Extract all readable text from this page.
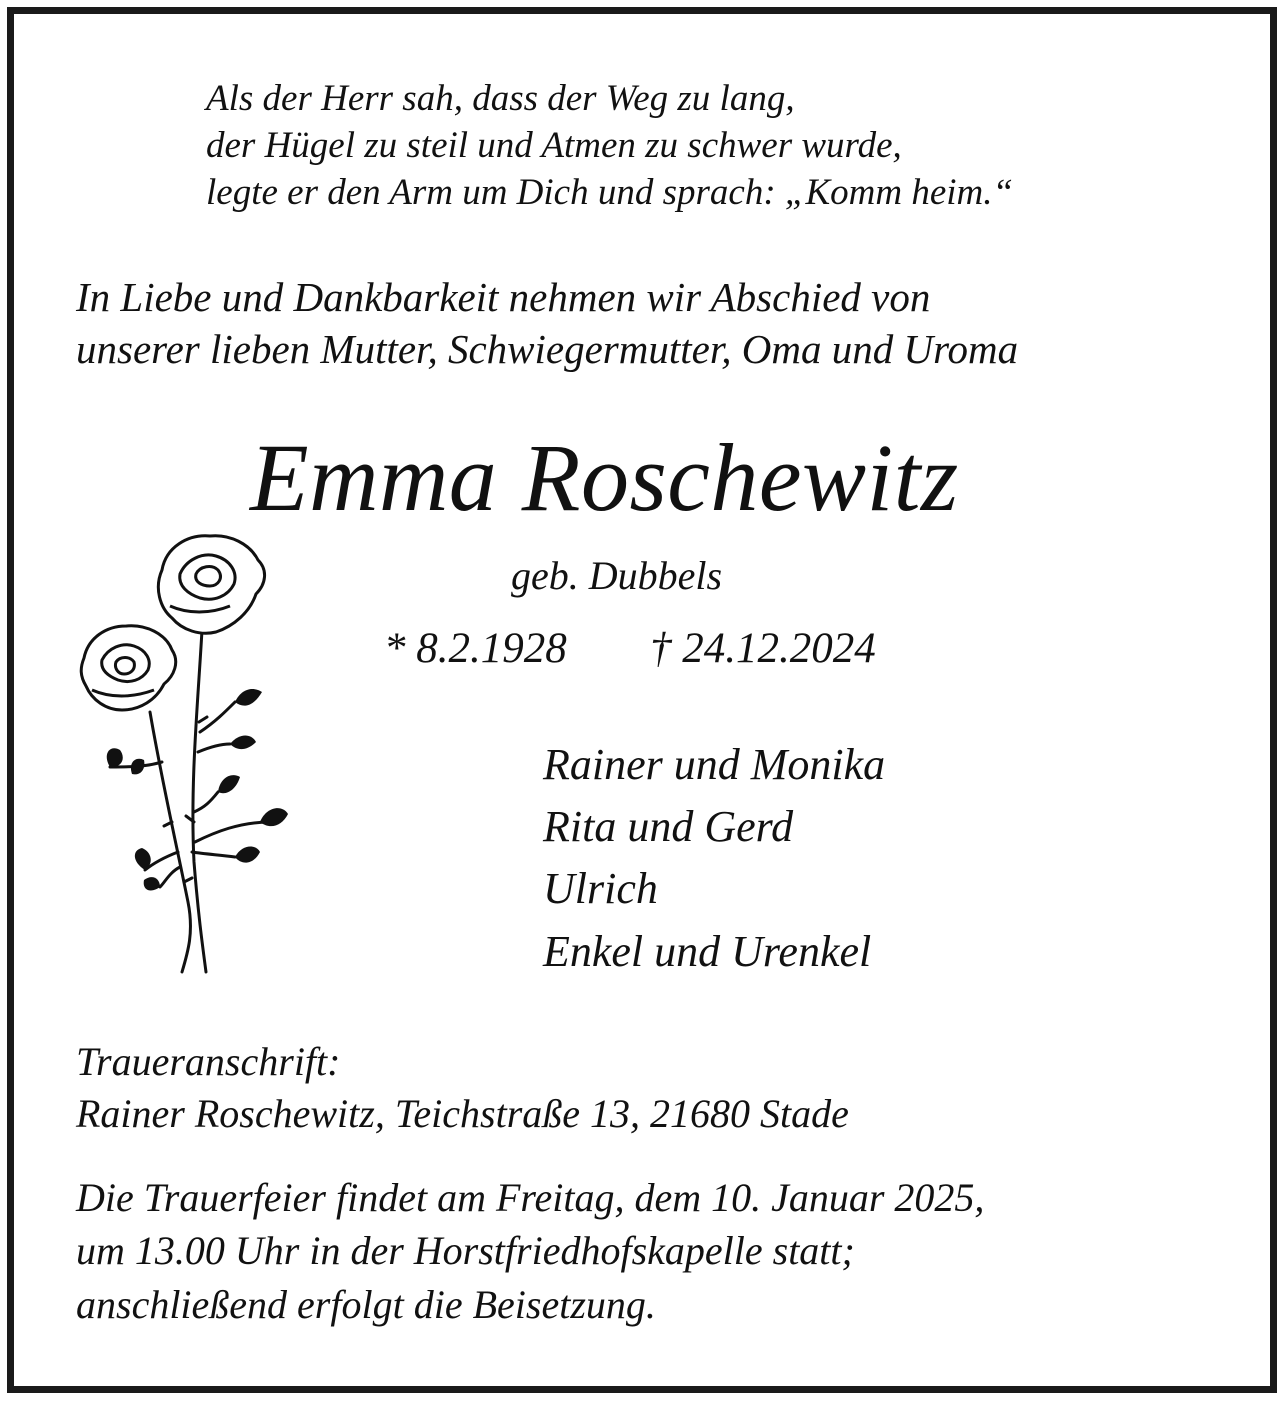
Als der Herr sah, dass der Weg zu lang,
der Hügel zu steil und Atmen zu schwer wurde,
legte er den Arm um Dich und sprach: „Komm heim.“
In Liebe und Dankbarkeit nehmen wir Abschied von
unserer lieben Mutter, Schwiegermutter, Oma und Uroma
Emma Roschewitz
geb. Dubbels
* 8.2.1928 † 24.12.2024
Rainer und Monika
Rita und Gerd
Ulrich
Enkel und Urenkel
Traueranschrift:
Rainer Roschewitz, Teichstraße 13, 21680 Stade
Die Trauerfeier findet am Freitag, dem 10. Januar 2025,
um 13.00 Uhr in der Horstfriedhofskapelle statt;
anschließend erfolgt die Beisetzung.
